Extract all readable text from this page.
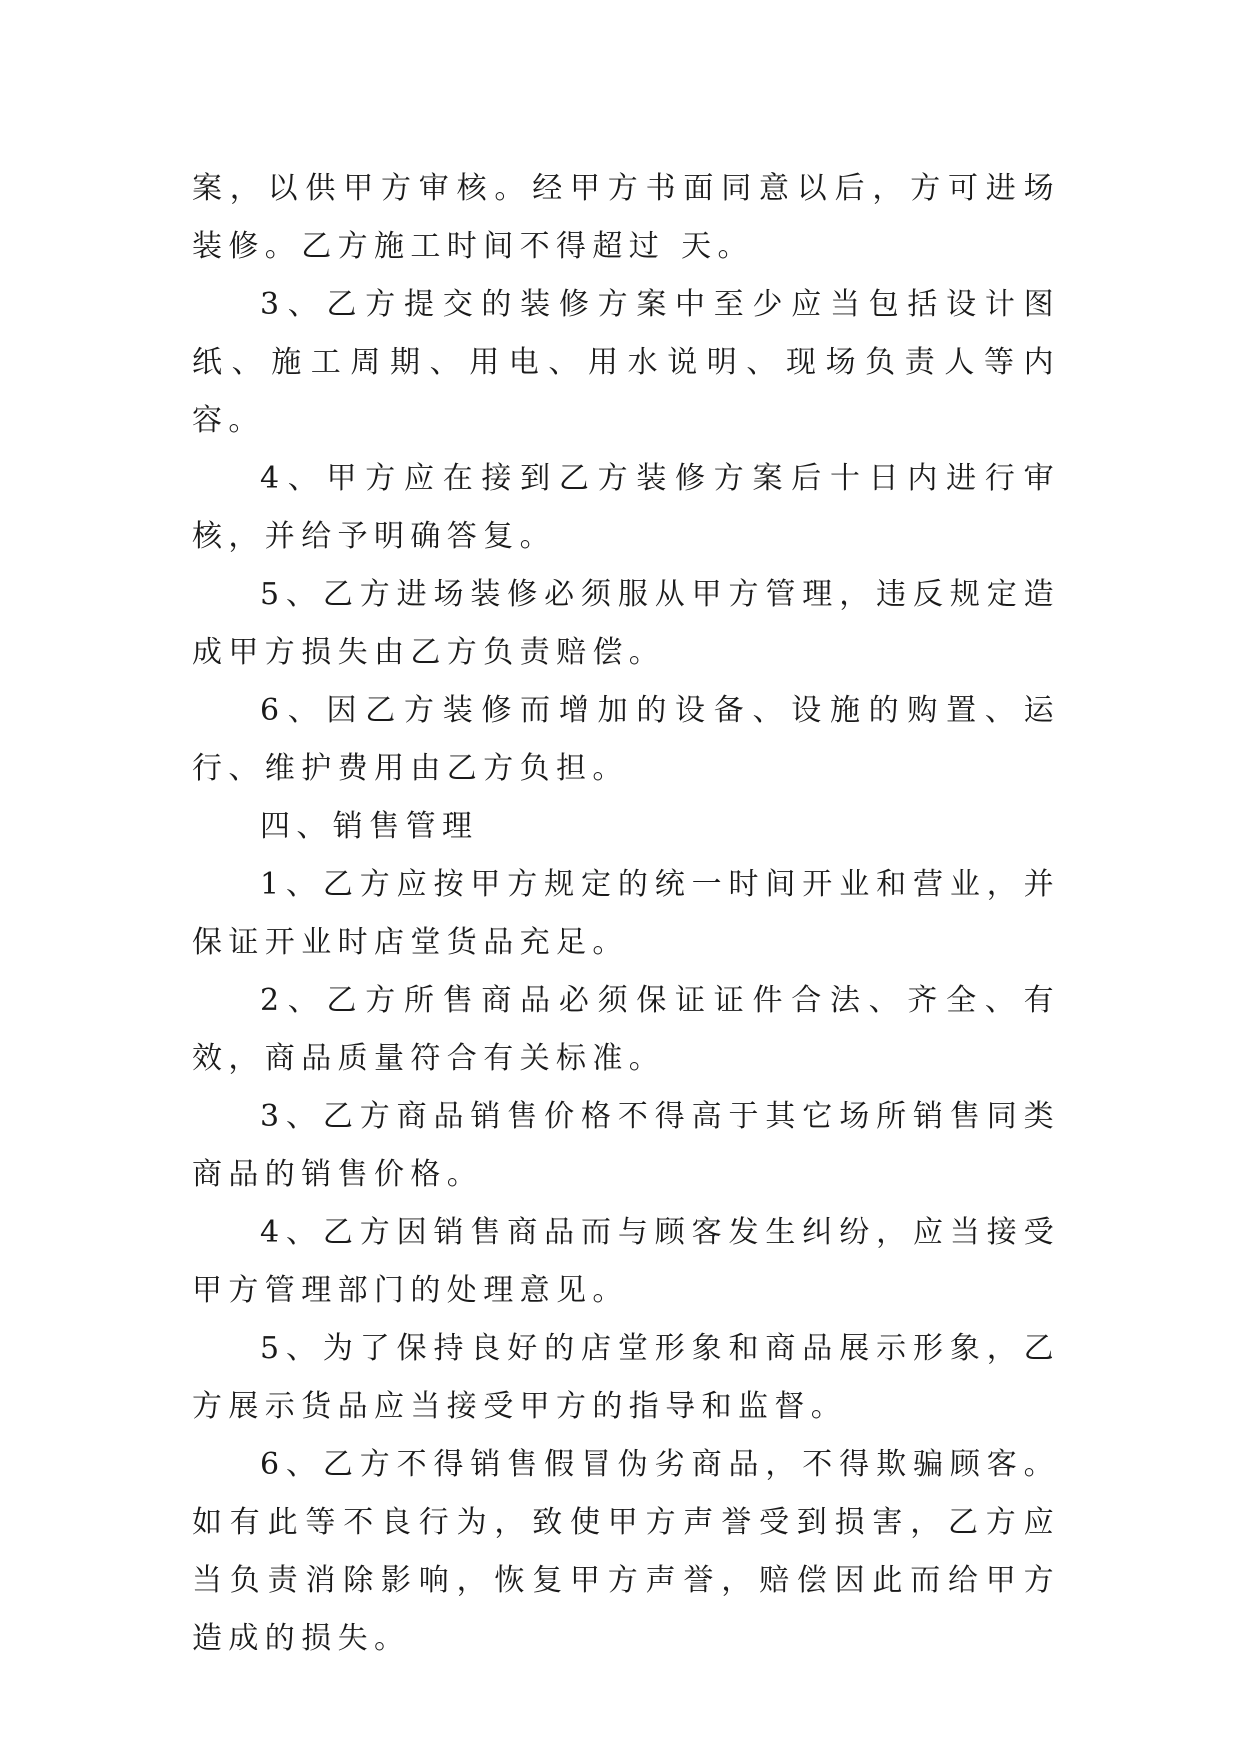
案，以供甲方审核。经甲方书面同意以后，方可进场装修。乙方施工时间不得超过 天。

3、乙方提交的装修方案中至少应当包括设计图纸、施工周期、用电、用水说明、现场负责人等内容。

4、甲方应在接到乙方装修方案后十日内进行审核，并给予明确答复。

5、乙方进场装修必须服从甲方管理，违反规定造成甲方损失由乙方负责赔偿。

6、因乙方装修而增加的设备、设施的购置、运行、维护费用由乙方负担。

四、销售管理

1、乙方应按甲方规定的统一时间开业和营业，并保证开业时店堂货品充足。

2、乙方所售商品必须保证证件合法、齐全、有效，商品质量符合有关标准。

3、乙方商品销售价格不得高于其它场所销售同类商品的销售价格。

4、乙方因销售商品而与顾客发生纠纷，应当接受甲方管理部门的处理意见。

5、为了保持良好的店堂形象和商品展示形象，乙方展示货品应当接受甲方的指导和监督。

6、乙方不得销售假冒伪劣商品，不得欺骗顾客。如有此等不良行为，致使甲方声誉受到损害，乙方应当负责消除影响，恢复甲方声誉，赔偿因此而给甲方造成的损失。
